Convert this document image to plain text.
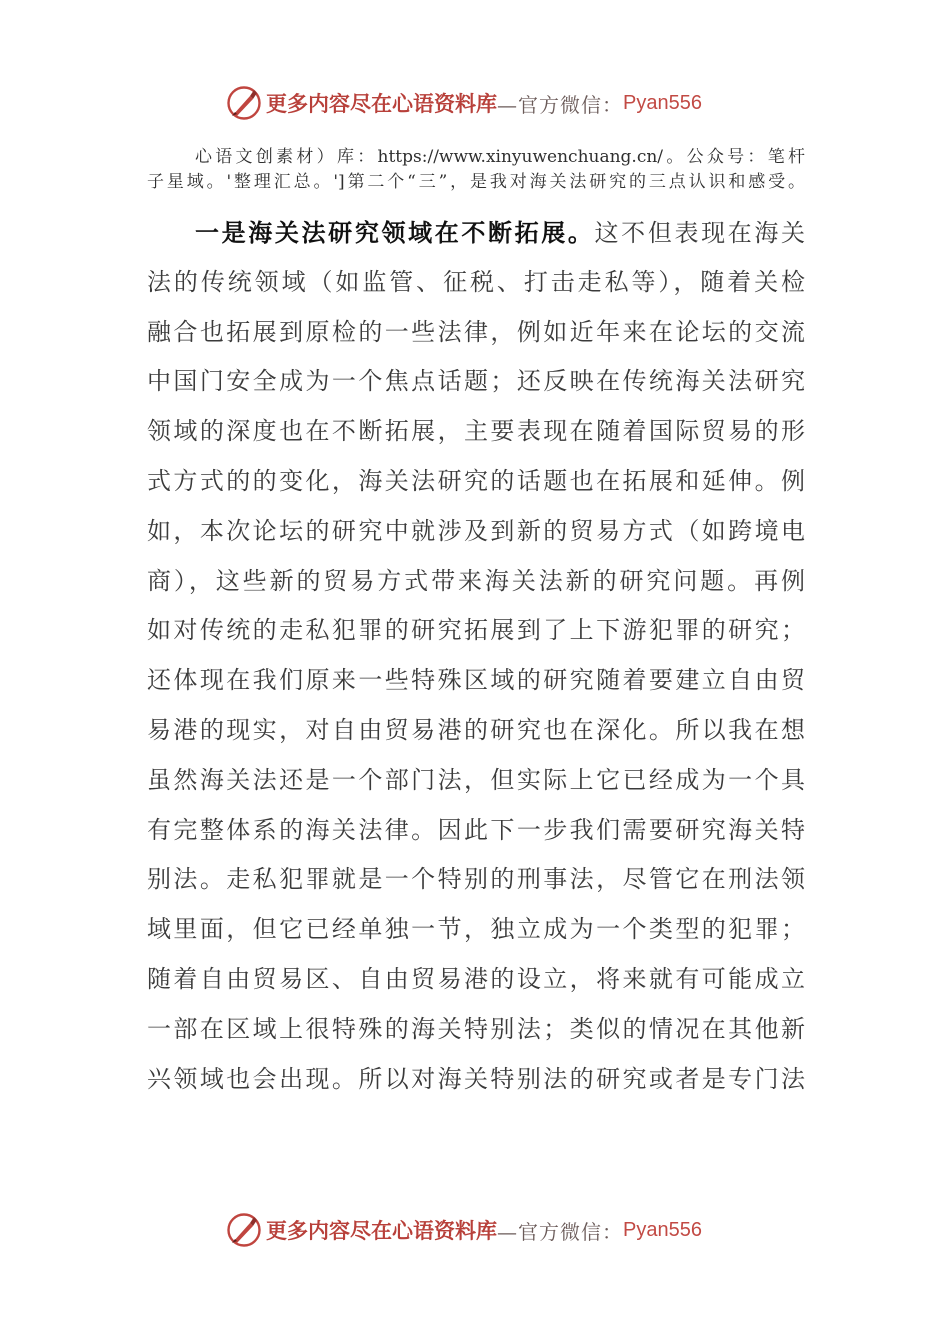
更多内容尽在心语资料库 —官方微信： Pyan556
心语文创素材）库：https://www.xinyuwenchuang.cn/。公众号：笔杆
子星域。'整理汇总。']第二个“三”，是我对海关法研究的三点认识和感受。
一是海关法研究领域在不断拓展。这不但表现在海关
法的传统领域（如监管、征税、打击走私等），随着关检
融合也拓展到原检的一些法律，例如近年来在论坛的交流
中国门安全成为一个焦点话题；还反映在传统海关法研究
领域的深度也在不断拓展，主要表现在随着国际贸易的形
式方式的的变化，海关法研究的话题也在拓展和延伸。例
如，本次论坛的研究中就涉及到新的贸易方式（如跨境电
商），这些新的贸易方式带来海关法新的研究问题。再例
如对传统的走私犯罪的研究拓展到了上下游犯罪的研究；
还体现在我们原来一些特殊区域的研究随着要建立自由贸
易港的现实，对自由贸易港的研究也在深化。所以我在想
虽然海关法还是一个部门法，但实际上它已经成为一个具
有完整体系的海关法律。因此下一步我们需要研究海关特
别法。走私犯罪就是一个特别的刑事法，尽管它在刑法领
域里面，但它已经单独一节，独立成为一个类型的犯罪；
随着自由贸易区、自由贸易港的设立，将来就有可能成立
一部在区域上很特殊的海关特别法；类似的情况在其他新
兴领域也会出现。所以对海关特别法的研究或者是专门法
更多内容尽在心语资料库 —官方微信： Pyan556
